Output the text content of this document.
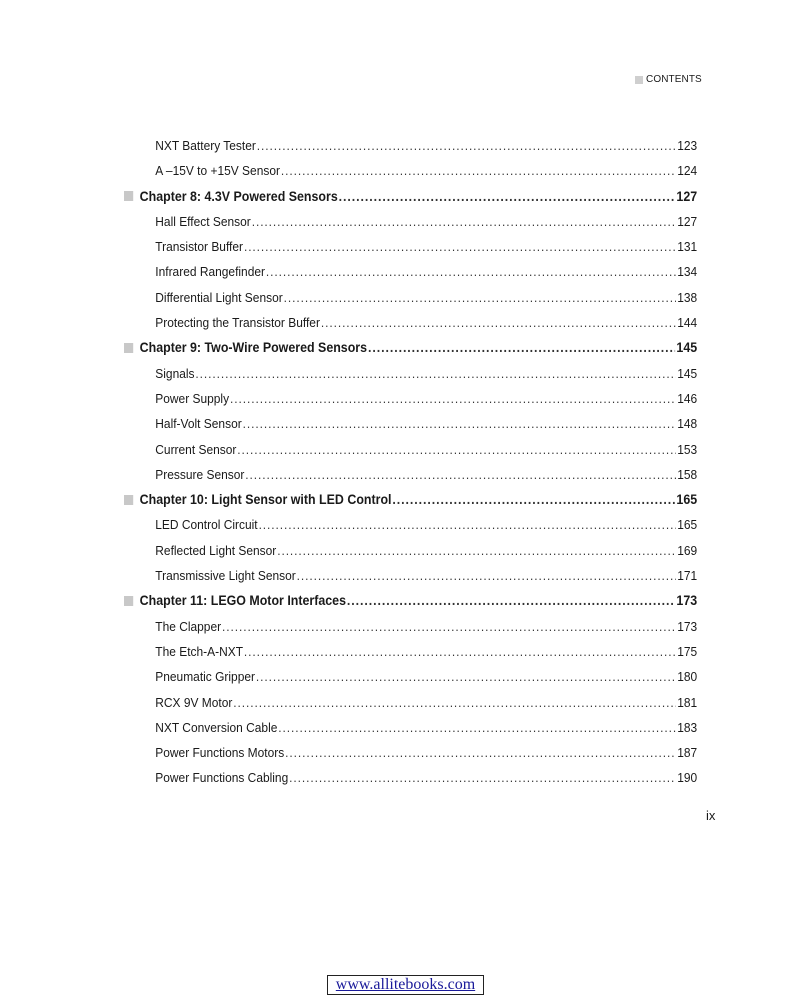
CONTENTS
NXT Battery Tester .....	123
A –15V to +15V Sensor .....	124
Chapter 8: 4.3V Powered Sensors .....	127
Hall Effect Sensor .....	127
Transistor Buffer .....	131
Infrared Rangefinder .....	134
Differential Light Sensor .....	138
Protecting the Transistor Buffer .....	144
Chapter 9: Two-Wire Powered Sensors .....	145
Signals .....	145
Power Supply .....	146
Half-Volt Sensor .....	148
Current Sensor .....	153
Pressure Sensor .....	158
Chapter 10: Light Sensor with LED Control .....	165
LED Control Circuit .....	165
Reflected Light Sensor .....	169
Transmissive Light Sensor .....	171
Chapter 11: LEGO Motor Interfaces .....	173
The Clapper .....	173
The Etch-A-NXT .....	175
Pneumatic Gripper .....	180
RCX 9V Motor .....	181
NXT Conversion Cable .....	183
Power Functions Motors .....	187
Power Functions Cabling .....	190
ix
www.allitebooks.com
